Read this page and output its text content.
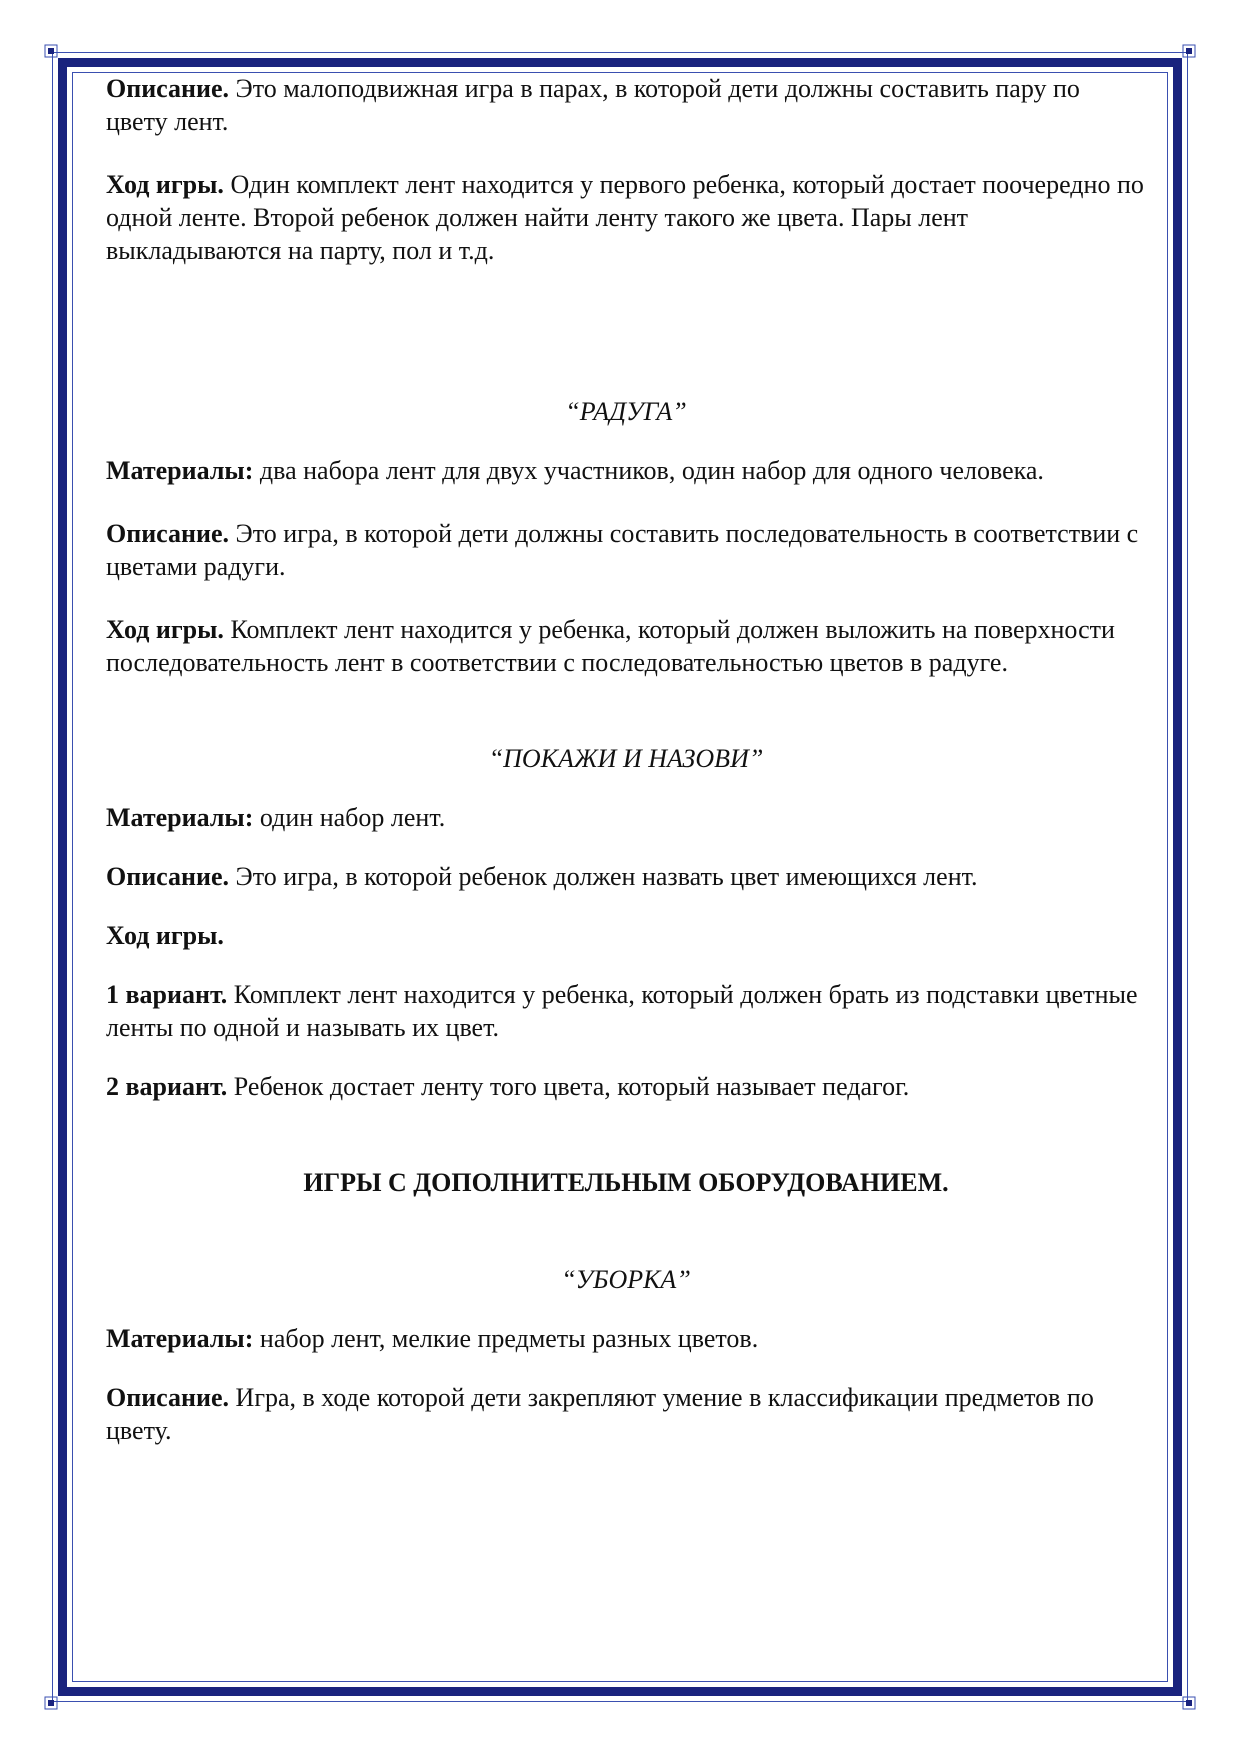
Описание. Это малоподвижная игра в парах, в которой дети должны составить пару по цвету лент.

Ход игры. Один комплект лент находится у первого ребенка, который достает поочередно по одной ленте. Второй ребенок должен найти ленту такого же цвета. Пары лент выкладываются на парту, пол и т.д.

“РАДУГА”

Материалы: два набора лент для двух участников, один набор для одного человека.

Описание. Это игра, в которой дети должны составить последовательность в соответствии с цветами радуги.

Ход игры. Комплект лент находится у ребенка, который должен выложить на поверхности последовательность лент в соответствии с последовательностью цветов в радуге.

“ПОКАЖИ И НАЗОВИ”

Материалы: один набор лент.

Описание. Это игра, в которой ребенок должен назвать цвет имеющихся лент.

Ход игры.

1 вариант. Комплект лент находится у ребенка, который должен брать из подставки цветные ленты по одной и называть их цвет.

2 вариант. Ребенок достает ленту того цвета, который называет педагог.

ИГРЫ С ДОПОЛНИТЕЛЬНЫМ ОБОРУДОВАНИЕМ.

“УБОРКА”

Материалы: набор лент, мелкие предметы разных цветов.

Описание. Игра, в ходе которой дети закрепляют умение в классификации предметов по цвету.
